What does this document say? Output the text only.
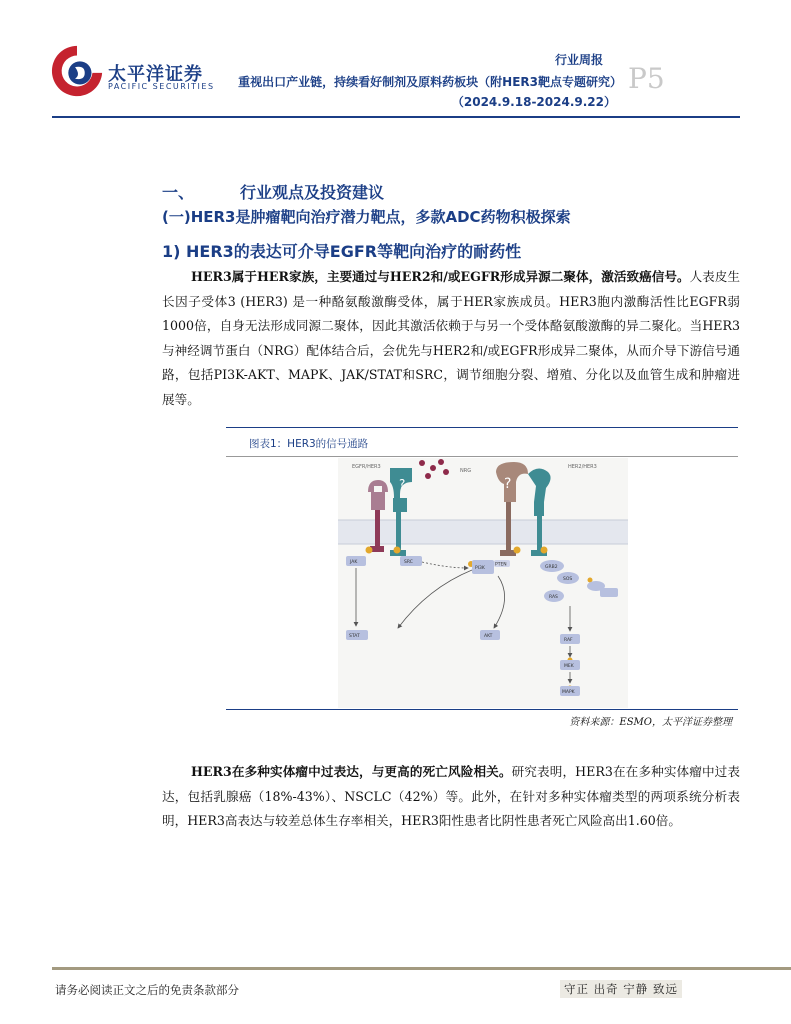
太平洋证券
PACIFIC SECURITIES
行业周报
重视出口产业链，持续看好制剂及原料药板块（附HER3靶点专题研究）（2024.9.18-2024.9.22）
P5
一、	行业观点及投资建议
(一)HER3是肿瘤靶向治疗潜力靶点，多款ADC药物积极探索
1) HER3的表达可介导EGFR等靶向治疗的耐药性
HER3属于HER家族，主要通过与HER2和/或EGFR形成异源二聚体，激活致癌信号。人表皮生长因子受体3 (HER3) 是一种酪氨酸激酶受体，属于HER家族成员。HER3胞内激酶活性比EGFR弱1000倍，自身无法形成同源二聚体，因此其激活依赖于与另一个受体酪氨酸激酶的异二聚化。当HER3与神经调节蛋白（NRG）配体结合后，会优先与HER2和/或EGFR形成异二聚体，从而介导下游信号通路，包括PI3K-AKT、MAPK、JAK/STAT和SRC，调节细胞分裂、增殖、分化以及血管生成和肿瘤进展等。
图表1：HER3的信号通路
EGFR/HER3
NRG
HER2/HER3
?	?
JAK	SRC
PI3K
PTEN
STAT	AKT
GRB2
SOS
RAS
RAF
MEK
MAPK
资料来源：ESMO，太平洋证券整理
HER3在多种实体瘤中过表达，与更高的死亡风险相关。研究表明，HER3在在多种实体瘤中过表达，包括乳腺癌（18%-43%）、NSCLC（42%）等。此外，在针对多种实体瘤类型的两项系统分析表明，HER3高表达与较差总体生存率相关，HER3阳性患者比阴性患者死亡风险高出1.60倍。
请务必阅读正文之后的免责条款部分	守正 出奇 宁静 致远
